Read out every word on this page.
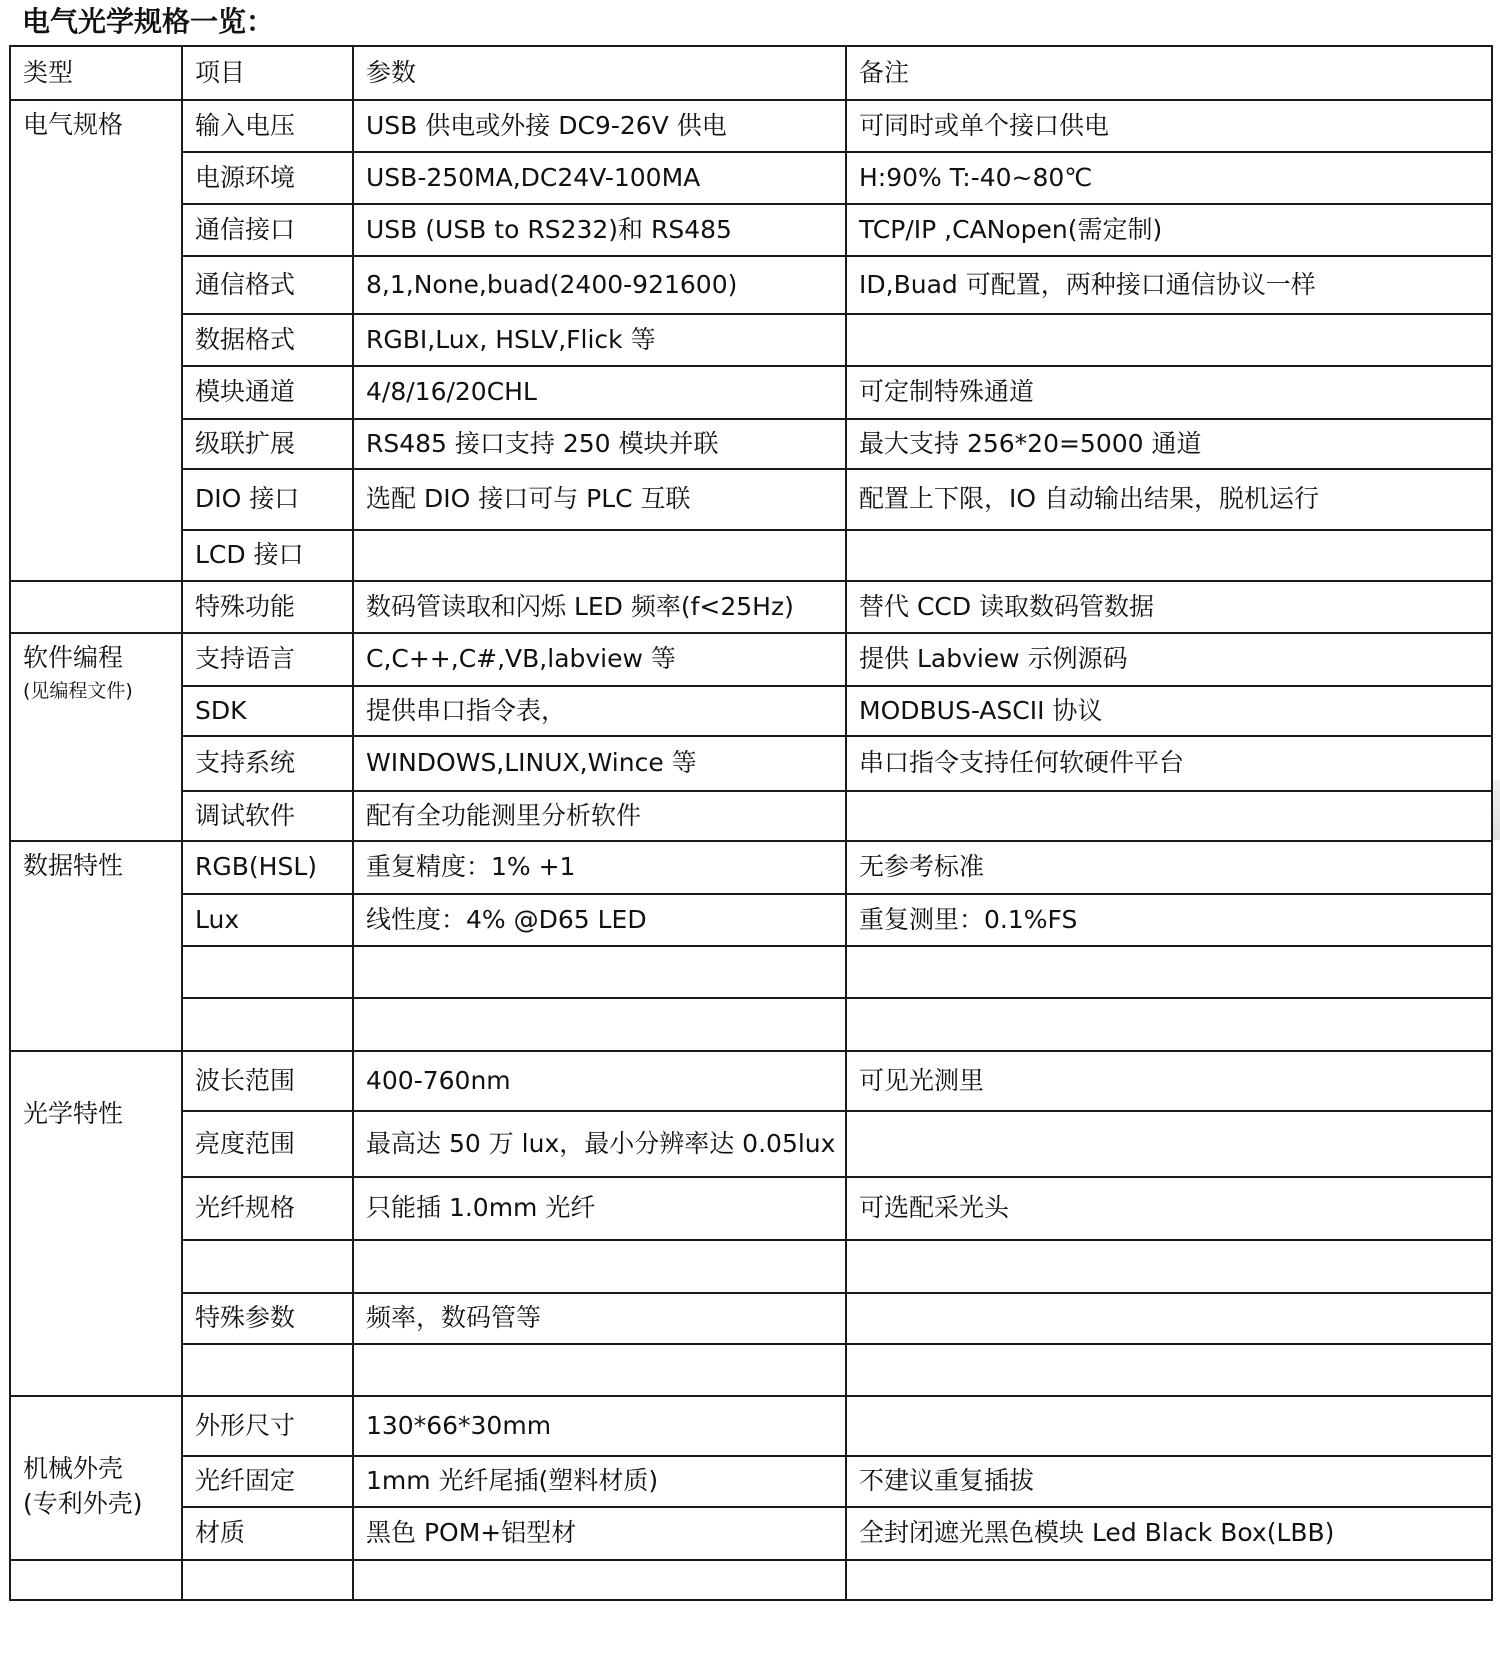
电气光学规格一览：
类型	项目	参数	备注
电气规格	输入电压	USB 供电或外接 DC9-26V 供电	可同时或单个接口供电
	电源环境	USB-250MA,DC24V-100MA	H:90% T:-40~80℃
	通信接口	USB (USB to RS232)和 RS485	TCP/IP ,CANopen(需定制)
	通信格式	8,1,None,buad(2400-921600)	ID,Buad 可配置，两种接口通信协议一样
	数据格式	RGBI,Lux, HSLV,Flick 等	
	模块通道	4/8/16/20CHL	可定制特殊通道
	级联扩展	RS485 接口支持 250 模块并联	最大支持 256*20=5000 通道
	DIO 接口	选配 DIO 接口可与 PLC 互联	配置上下限，IO 自动输出结果，脱机运行
	LCD 接口		
	特殊功能	数码管读取和闪烁 LED 频率(f<25Hz)	替代 CCD 读取数码管数据
软件编程
(见编程文件)	支持语言	C,C++,C#,VB,labview 等	提供 Labview 示例源码
	SDK	提供串口指令表，	MODBUS-ASCII 协议
	支持系统	WINDOWS,LINUX,Wince 等	串口指令支持任何软硬件平台
	调试软件	配有全功能测里分析软件	
数据特性	RGB(HSL)	重复精度：1% +1	无参考标准
	Lux	线性度：4% @D65 LED	重复测里：0.1%FS

光学特性	波长范围	400-760nm	可见光测里
	亮度范围	最高达 50 万 lux，最小分辨率达 0.05lux	
	光纤规格	只能插 1.0mm 光纤	可选配采光头

	特殊参数	频率，数码管等	

机械外壳
(专利外壳)	外形尺寸	130*66*30mm	
	光纤固定	1mm 光纤尾插(塑料材质)	不建议重复插拔
	材质	黑色 POM+铝型材	全封闭遮光黑色模块 Led Black Box(LBB)
